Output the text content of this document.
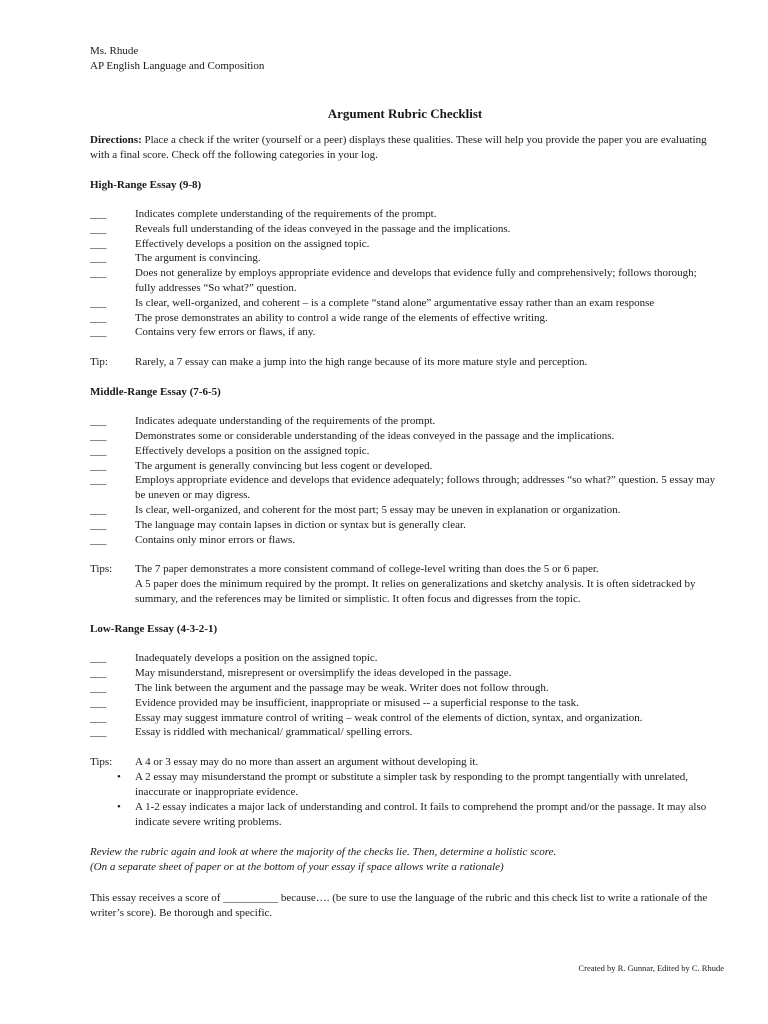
Ms. Rhude
AP English Language and Composition
Argument Rubric Checklist

Directions: Place a check if the writer (yourself or a peer) displays these qualities. These will help you provide the paper you are evaluating with a final score. Check off the following categories in your log.

High-Range Essay (9-8)
___	Indicates complete understanding of the requirements of the prompt.
___	Reveals full understanding of the ideas conveyed in the passage and the implications.
___	Effectively develops a position on the assigned topic.
___	The argument is convincing.
___	Does not generalize by employs appropriate evidence and develops that evidence fully and comprehensively; follows thorough; fully addresses “So what?” question.
___	Is clear, well-organized, and coherent – is a complete “stand alone” argumentative essay rather than an exam response
___	The prose demonstrates an ability to control a wide range of the elements of effective writing.
___	Contains very few errors or flaws, if any.
Tip:	Rarely, a 7 essay can make a jump into the high range because of its more mature style and perception.
Middle-Range Essay (7-6-5)
___	Indicates adequate understanding of the requirements of the prompt.
___	Demonstrates some or considerable understanding of the ideas conveyed in the passage and the implications.
___	Effectively develops a position on the assigned topic.
___	The argument is generally convincing but less cogent or developed.
___	Employs appropriate evidence and develops that evidence adequately; follows through; addresses “so what?” question. 5 essay may be uneven or may digress.
___	Is clear, well-organized, and coherent for the most part; 5 essay may be uneven in explanation or organization.
___	The language may contain lapses in diction or syntax but is generally clear.
___	Contains only minor errors or flaws.
Tips:	The 7 paper demonstrates a more consistent command of college-level writing than does the 5 or 6 paper.
A 5 paper does the minimum required by the prompt. It relies on generalizations and sketchy analysis. It is often sidetracked by summary, and the references may be limited or simplistic. It often focus and digresses from the topic.
Low-Range Essay (4-3-2-1)
___	Inadequately develops a position on the assigned topic.
___	May misunderstand, misrepresent or oversimplify the ideas developed in the passage.
___	The link between the argument and the passage may be weak. Writer does not follow through.
___	Evidence provided may be insufficient, inappropriate or misused -- a superficial response to the task.
___	Essay may suggest immature control of writing – weak control of the elements of diction, syntax, and organization.
___	Essay is riddled with mechanical/ grammatical/ spelling errors.
Tips:	A 4 or 3 essay may do no more than assert an argument without developing it.
•	A 2 essay may misunderstand the prompt or substitute a simpler task by responding to the prompt tangentially with unrelated, inaccurate or inappropriate evidence.
•	A 1-2 essay indicates a major lack of understanding and control. It fails to comprehend the prompt and/or the passage. It may also indicate severe writing problems.
Review the rubric again and look at where the majority of the checks lie. Then, determine a holistic score.
(On a separate sheet of paper or at the bottom of your essay if space allows write a rationale)
This essay receives a score of __________ because…. (be sure to use the language of the rubric and this check list to write a rationale of the writer’s score). Be thorough and specific.
Created by R. Gunnar, Edited by C. Rhude
